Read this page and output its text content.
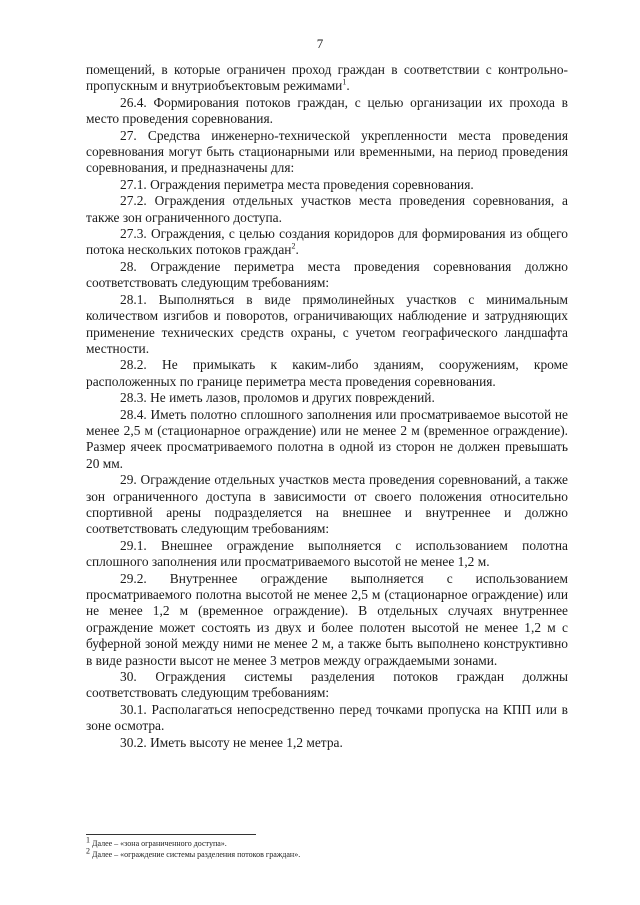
7

помещений, в которые ограничен проход граждан в соответствии с контрольно-пропускным и внутриобъектовым режимами$^1$.

26.4. Формирования потоков граждан, с целью организации их прохода в место проведения соревнования.

27. Средства инженерно-технической укрепленности места проведения соревнования могут быть стационарными или временными, на период проведения соревнования, и предназначены для:

27.1. Ограждения периметра места проведения соревнования.

27.2. Ограждения отдельных участков места проведения соревнования, а также зон ограниченного доступа.

27.3. Ограждения, с целью создания коридоров для формирования из общего потока нескольких потоков граждан$^2$.

28. Ограждение периметра места проведения соревнования должно соответствовать следующим требованиям:

28.1. Выполняться в виде прямолинейных участков с минимальным количеством изгибов и поворотов, ограничивающих наблюдение и затрудняющих применение технических средств охраны, с учетом географического ландшафта местности.

28.2. Не примыкать к каким-либо зданиям, сооружениям, кроме расположенных по границе периметра места проведения соревнования.

28.3. Не иметь лазов, проломов и других повреждений.

28.4. Иметь полотно сплошного заполнения или просматриваемое высотой не менее 2,5 м (стационарное ограждение) или не менее 2 м (временное ограждение). Размер ячеек просматриваемого полотна в одной из сторон не должен превышать 20 мм.

29. Ограждение отдельных участков места проведения соревнований, а также зон ограниченного доступа в зависимости от своего положения относительно спортивной арены подразделяется на внешнее и внутреннее и должно соответствовать следующим требованиям:

29.1. Внешнее ограждение выполняется с использованием полотна сплошного заполнения или просматриваемого высотой не менее 1,2 м.

29.2. Внутреннее ограждение выполняется с использованием просматриваемого полотна высотой не менее 2,5 м (стационарное ограждение) или не менее 1,2 м (временное ограждение). В отдельных случаях внутреннее ограждение может состоять из двух и более полотен высотой не менее 1,2 м с буферной зоной между ними не менее 2 м, а также быть выполнено конструктивно в виде разности высот не менее 3 метров между ограждаемыми зонами.

30. Ограждения системы разделения потоков граждан должны соответствовать следующим требованиям:

30.1. Располагаться непосредственно перед точками пропуска на КПП или в зоне осмотра.

30.2. Иметь высоту не менее 1,2 метра.

$^1$ Далее – «зона ограниченного доступа».
$^2$ Далее – «ограждение системы разделения потоков граждан».
